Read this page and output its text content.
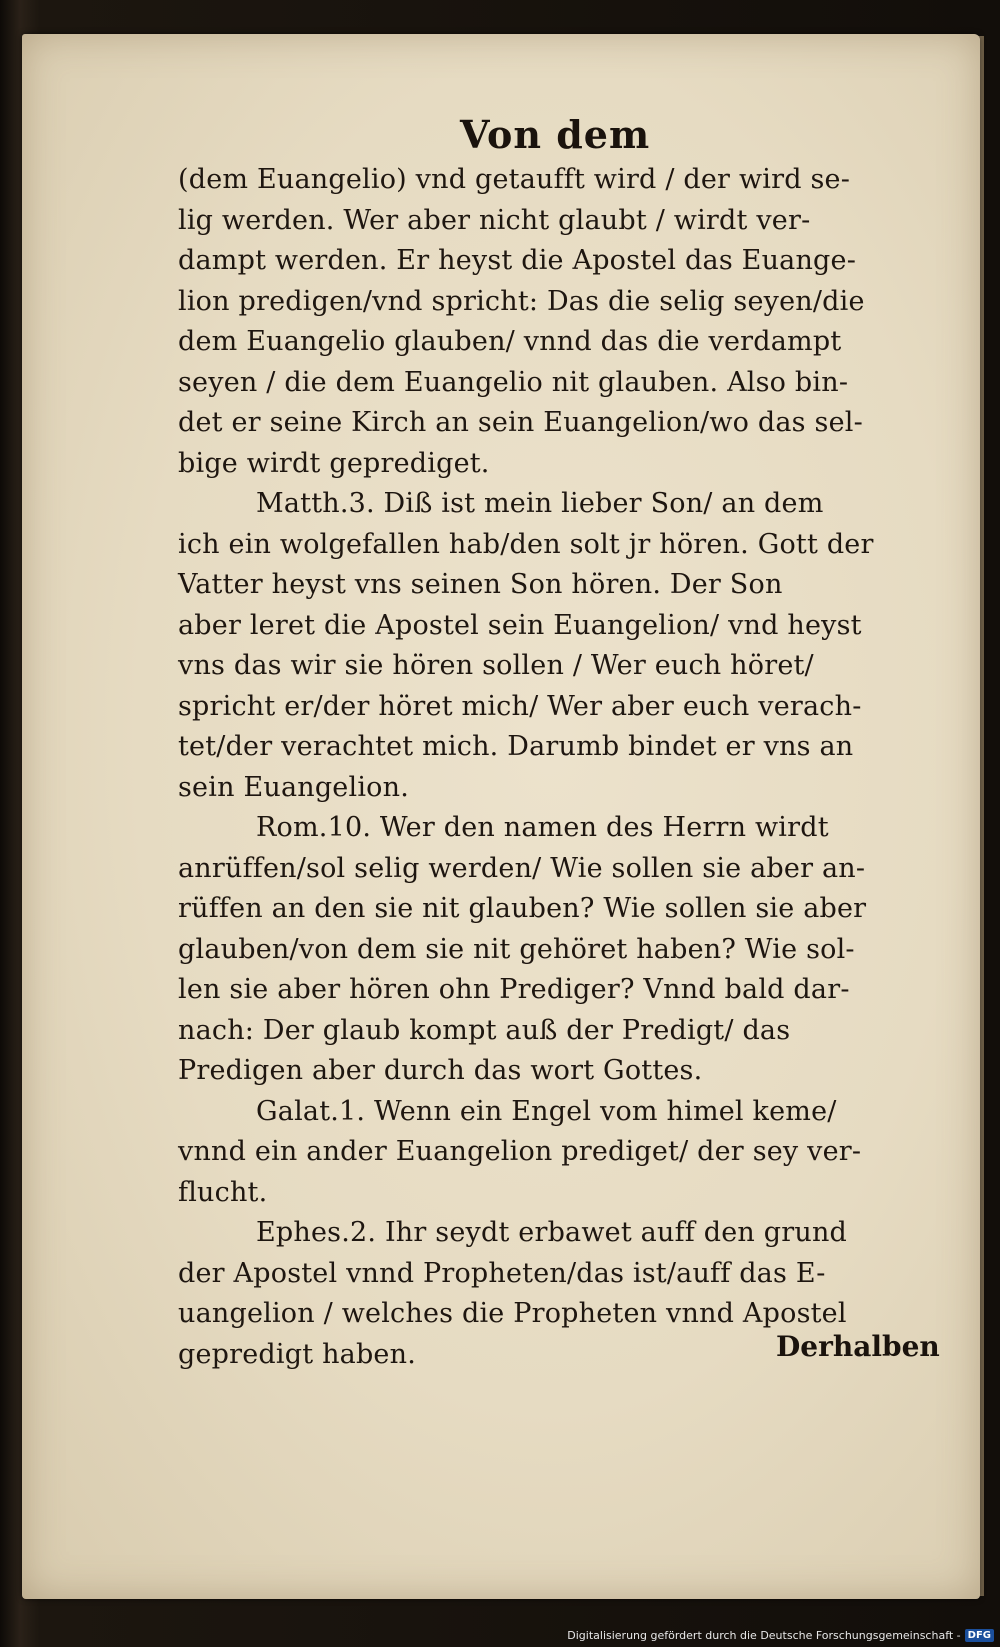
Von dem
(dem Euangelio) vnd getaufft wird / der wird se-
lig werden. Wer aber nicht glaubt / wirdt ver-
dampt werden. Er heyst die Apostel das Euange-
lion predigen/vnd spricht: Das die selig seyen/die
dem Euangelio glauben/ vnnd das die verdampt
seyen / die dem Euangelio nit glauben. Also bin-
det er seine Kirch an sein Euangelion/wo das sel-
bige wirdt geprediget.
Matth.3. Diß ist mein lieber Son/ an dem
ich ein wolgefallen hab/den solt jr hören. Gott der
Vatter heyst vns seinen Son hören. Der Son
aber leret die Apostel sein Euangelion/ vnd heyst
vns das wir sie hören sollen / Wer euch höret/
spricht er/der höret mich/ Wer aber euch verach-
tet/der verachtet mich. Darumb bindet er vns an
sein Euangelion.
Rom.10. Wer den namen des Herrn wirdt
anrüffen/sol selig werden/ Wie sollen sie aber an-
rüffen an den sie nit glauben? Wie sollen sie aber
glauben/von dem sie nit gehöret haben? Wie sol-
len sie aber hören ohn Prediger? Vnnd bald dar-
nach: Der glaub kompt auß der Predigt/ das
Predigen aber durch das wort Gottes.
Galat.1. Wenn ein Engel vom himel keme/
vnnd ein ander Euangelion prediget/ der sey ver-
flucht.
Ephes.2. Ihr seydt erbawet auff den grund
der Apostel vnnd Propheten/das ist/auff das E-
uangelion / welches die Propheten vnnd Apostel
gepredigt haben.	Derhalben
Digitalisierung gefördert durch die Deutsche Forschungsgemeinschaft - DFG
